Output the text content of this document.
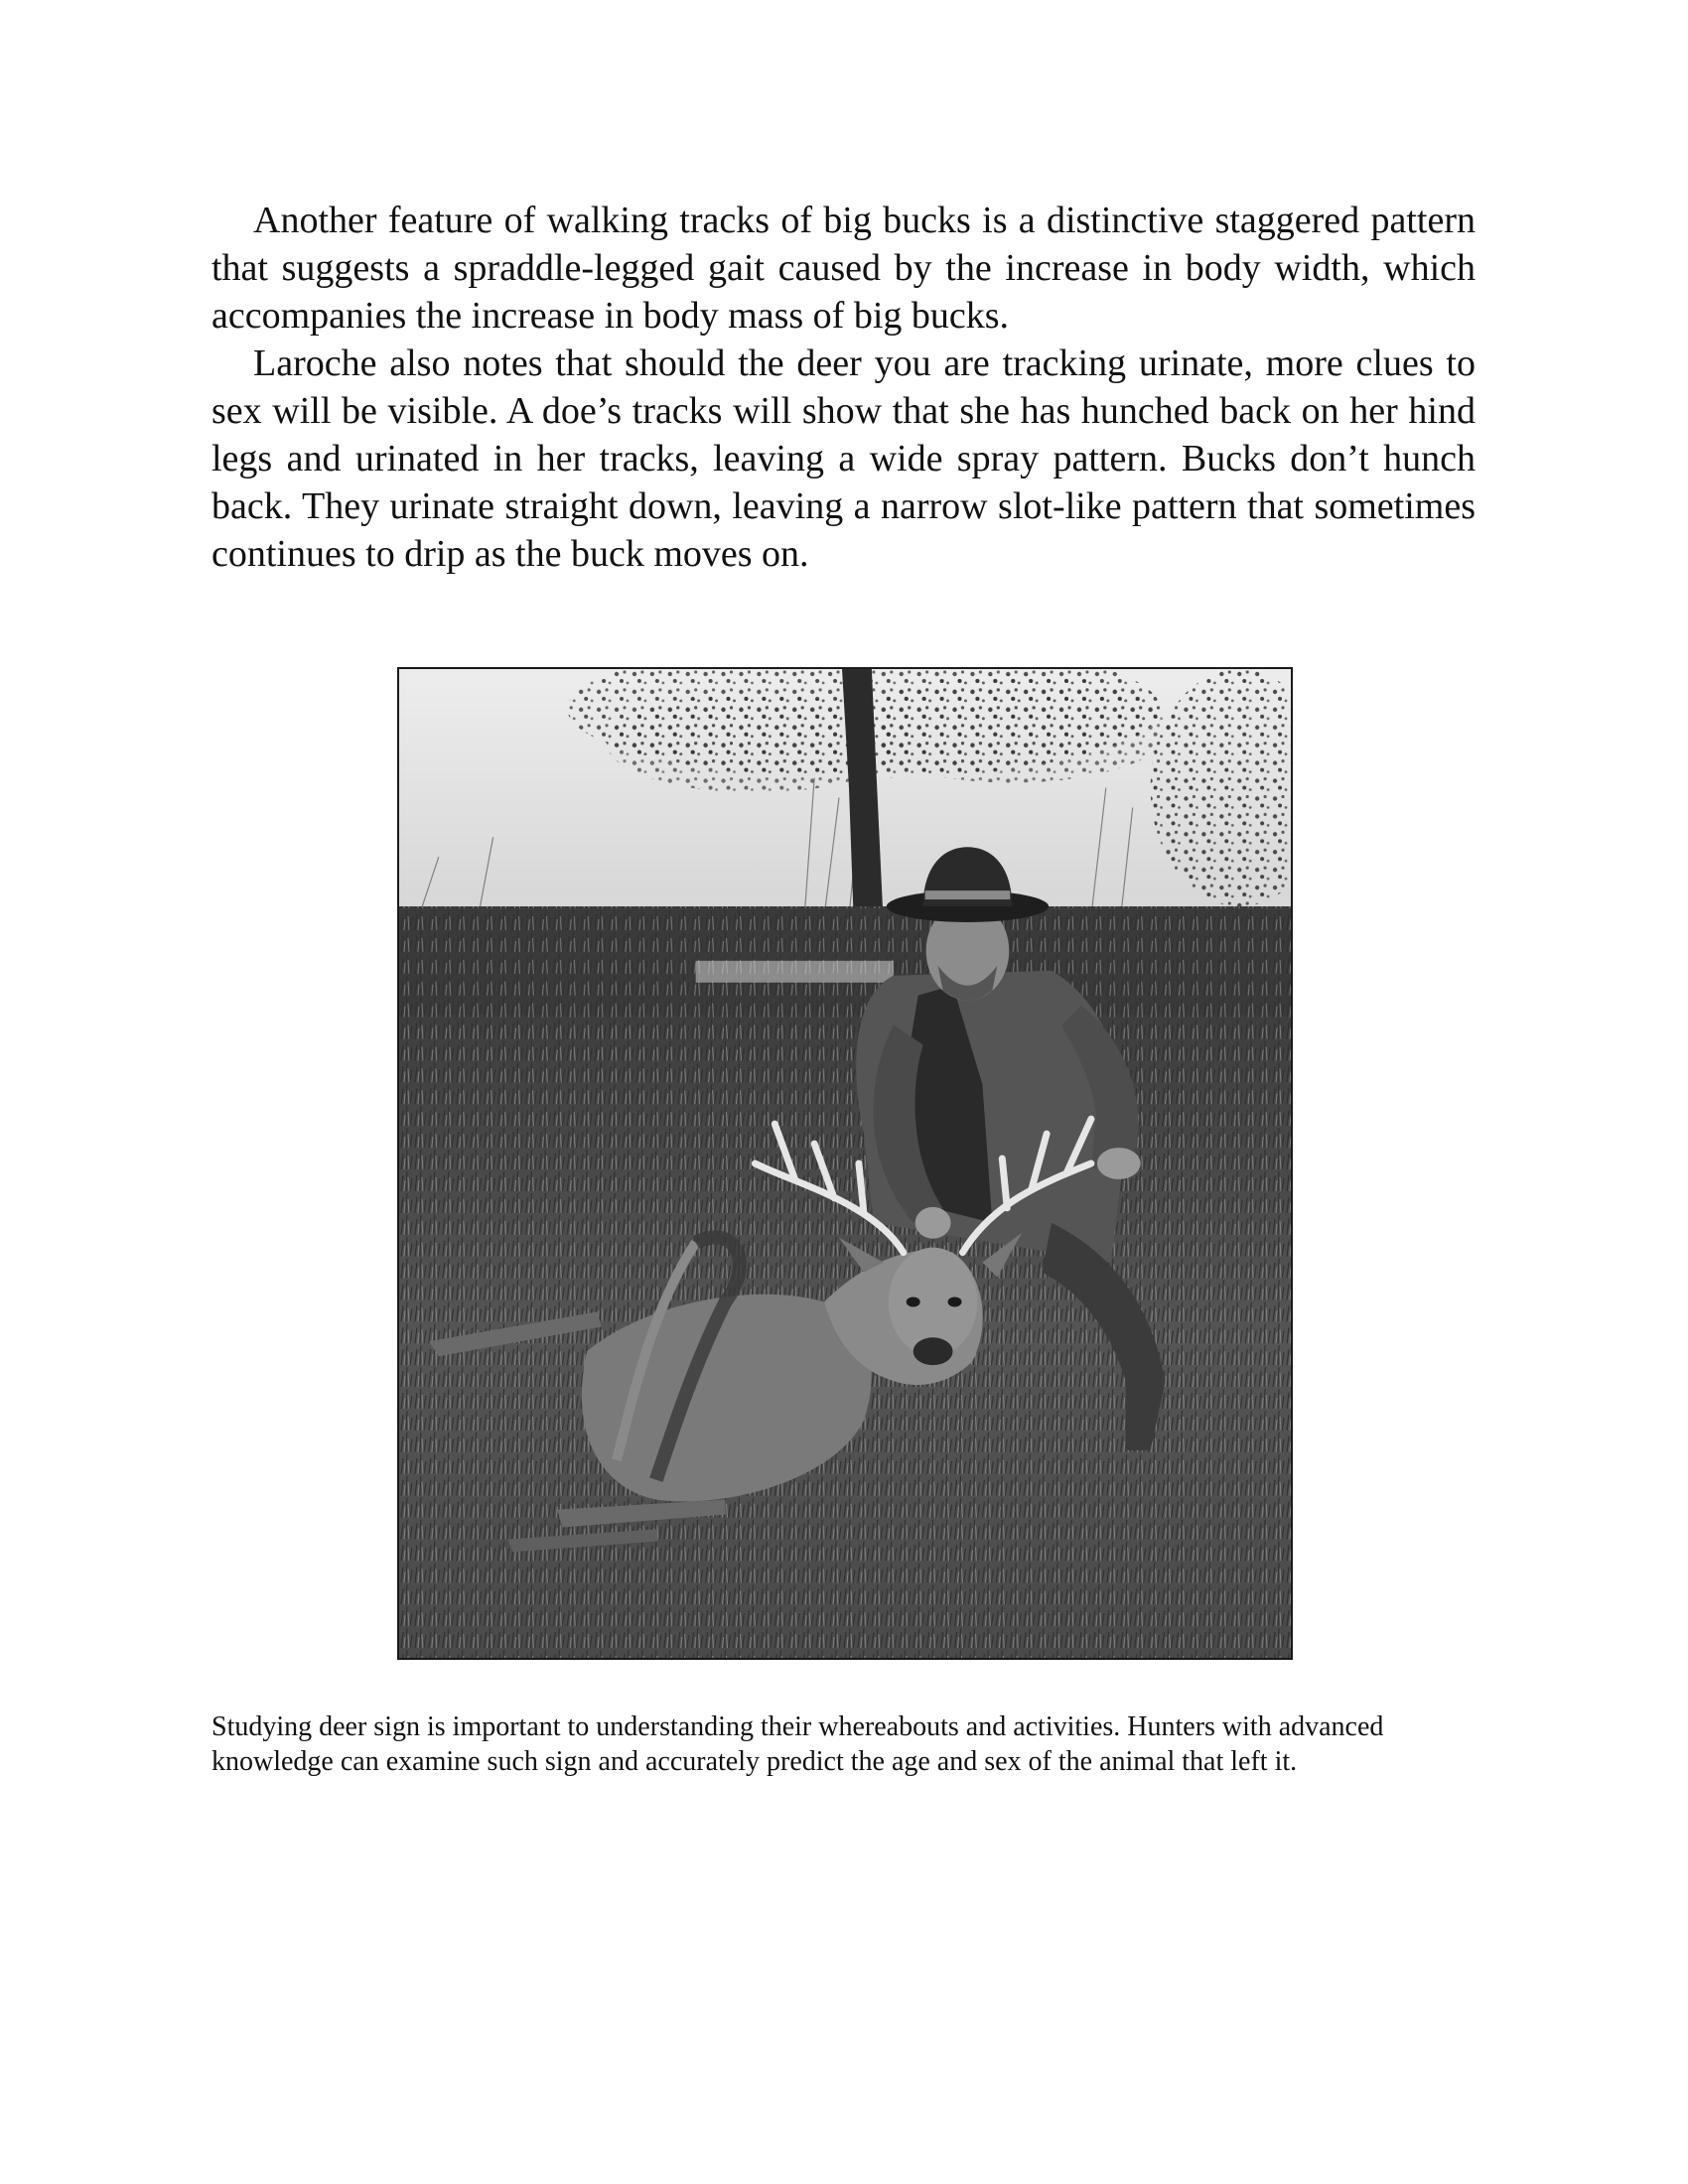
Another feature of walking tracks of big bucks is a distinctive staggered pattern that suggests a spraddle-legged gait caused by the increase in body width, which accompanies the increase in body mass of big bucks.

Laroche also notes that should the deer you are tracking urinate, more clues to sex will be visible. A doe’s tracks will show that she has hunched back on her hind legs and urinated in her tracks, leaving a wide spray pattern. Bucks don’t hunch back. They urinate straight down, leaving a narrow slot-like pattern that sometimes continues to drip as the buck moves on.

Studying deer sign is important to understanding their whereabouts and activities. Hunters with advanced knowledge can examine such sign and accurately predict the age and sex of the animal that left it.
